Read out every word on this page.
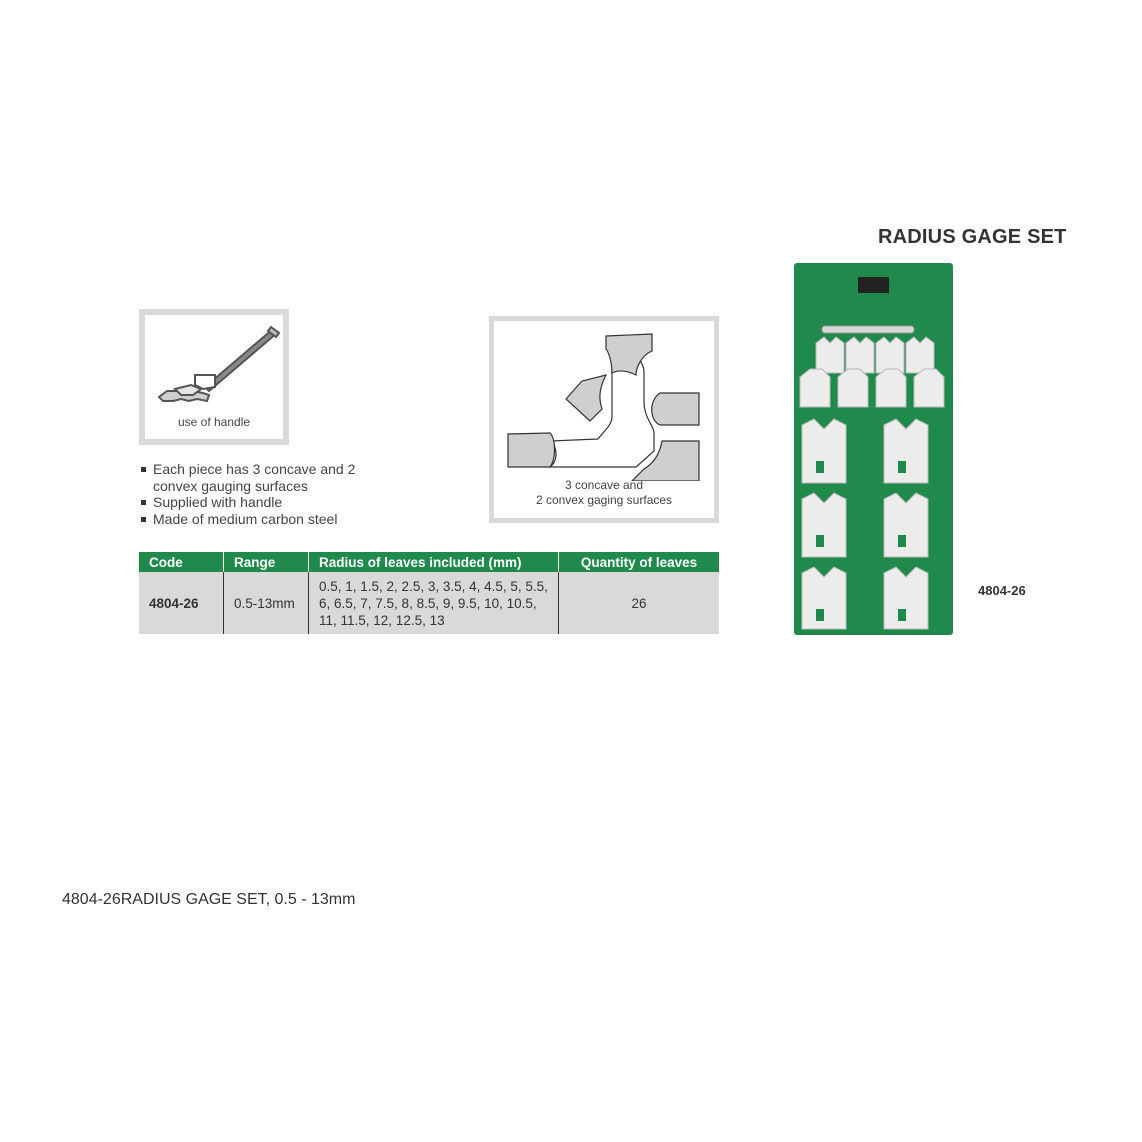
RADIUS GAGE SET
use of handle
3 concave and
2 convex gaging surfaces
Each piece has 3 concave and 2 convex gauging surfaces
Supplied with handle
Made of medium carbon steel
Code	Range	Radius of leaves included (mm)	Quantity of leaves
4804-26	0.5-13mm	0.5, 1, 1.5, 2, 2.5, 3, 3.5, 4, 4.5, 5, 5.5, 6, 6.5, 7, 7.5, 8, 8.5, 9, 9.5, 10, 10.5, 11, 11.5, 12, 12.5, 13	26
4804-26
4804-26RADIUS GAGE SET, 0.5 - 13mm
